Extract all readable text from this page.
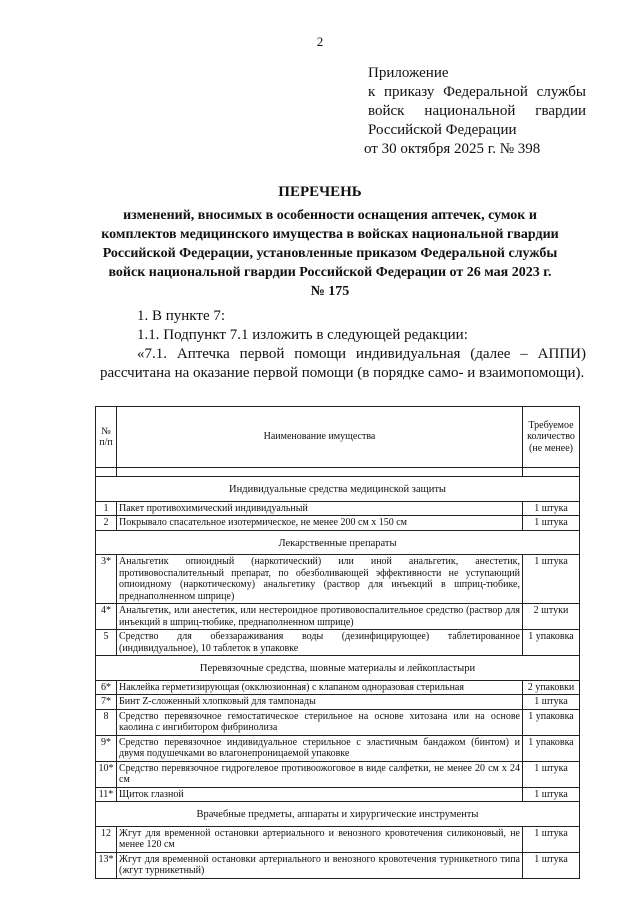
2
Приложение
к приказу Федеральной службы
войск национальной гвардии
Российской Федерации
от 30 октября 2025 г. № 398
ПЕРЕЧЕНЬ
изменений, вносимых в особенности оснащения аптечек, сумок и комплектов медицинского имущества в войсках национальной гвардии Российской Федерации, установленные приказом Федеральной службы войск национальной гвардии Российской Федерации от 26 мая 2023 г. № 175
1. В пункте 7:
1.1. Подпункт 7.1 изложить в следующей редакции:
«7.1. Аптечка первой помощи индивидуальная (далее – АППИ) рассчитана на оказание первой помощи (в порядке само- и взаимопомощи).
№ п/п	Наименование имущества	Требуемое количество (не менее)

Индивидуальные средства медицинской защиты		
1	Пакет противохимический индивидуальный	1 штука
2	Покрывало спасательное изотермическое, не менее 200 см х 150 см	1 штука
Лекарственные препараты		
3*	Анальгетик опиоидный (наркотический) или иной анальгетик, анестетик, противовоспалительный препарат, по обезболивающей эффективности не уступающий опиоидному (наркотическому) анальгетику (раствор для инъекций в шприц-тюбике, преднаполненном шприце)	1 штука
4*	Анальгетик, или анестетик, или нестероидное противовоспалительное средство (раствор для инъекций в шприц-тюбике, преднаполненном шприце)	2 штуки
5	Средство для обеззараживания воды (дезинфицирующее) таблетированное (индивидуальное), 10 таблеток в упаковке	1 упаковка
Перевязочные средства, шовные материалы и лейкопластыри		
6*	Наклейка герметизирующая (окклюзионная) с клапаном одноразовая стерильная	2 упаковки
7*	Бинт Z-сложенный хлопковый для тампонады	1 штука
8	Средство перевязочное гемостатическое стерильное на основе хитозана или на основе каолина с ингибитором фибринолиза	1 упаковка
9*	Средство перевязочное индивидуальное стерильное с эластичным бандажом (бинтом) и двумя подушечками во влагонепроницаемой упаковке	1 упаковка
10*	Средство перевязочное гидрогелевое противоожоговое в виде салфетки, не менее 20 см х 24 см	1 штука
11*	Щиток глазной	1 штука
Врачебные предметы, аппараты и хирургические инструменты		
12	Жгут для временной остановки артериального и венозного кровотечения силиконовый, не менее 120 см	1 штука
13*	Жгут для временной остановки артериального и венозного кровотечения турникетного типа (жгут турникетный)	1 штука
